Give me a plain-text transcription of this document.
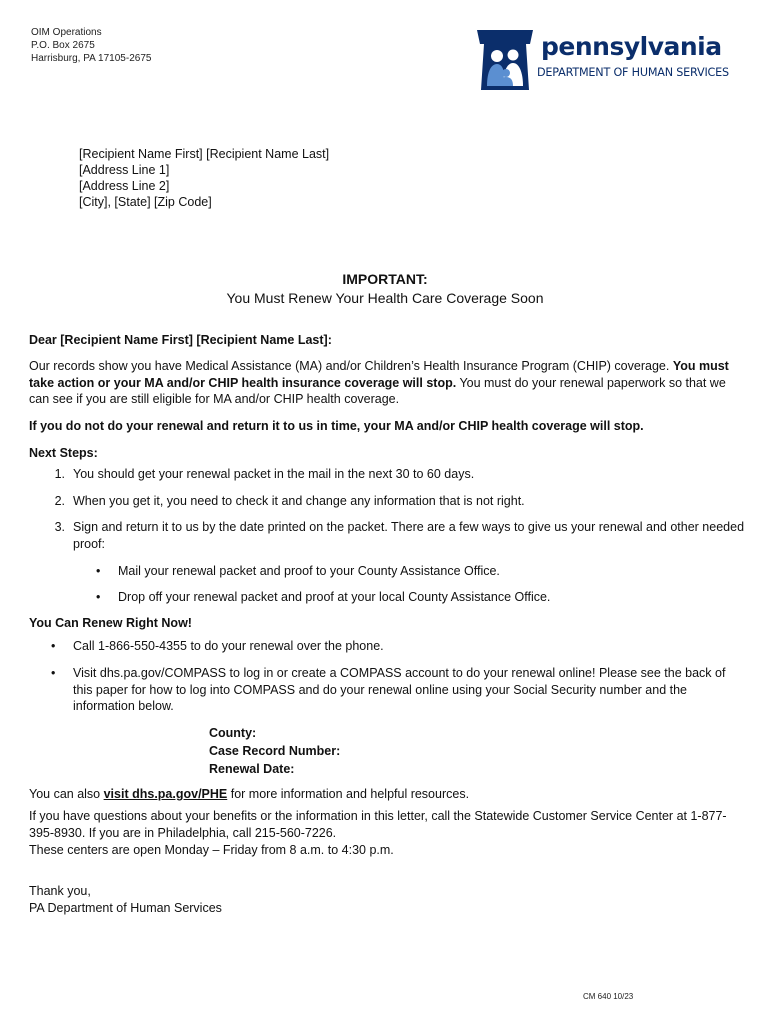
OIM Operations
P.O. Box 2675
Harrisburg, PA 17105-2675	pennsylvania
DEPARTMENT OF HUMAN SERVICES
[Recipient Name First] [Recipient Name Last]
[Address Line 1]
[Address Line 2]
[City], [State] [Zip Code]
IMPORTANT:
You Must Renew Your Health Care Coverage Soon
Dear [Recipient Name First] [Recipient Name Last]:
Our records show you have Medical Assistance (MA) and/or Children’s Health Insurance Program (CHIP) coverage. You must take action or your MA and/or CHIP health insurance coverage will stop. You must do your renewal paperwork so that we can see if you are still eligible for MA and/or CHIP health coverage.
If you do not do your renewal and return it to us in time, your MA and/or CHIP health coverage will stop.
Next Steps:
1. You should get your renewal packet in the mail in the next 30 to 60 days.
2. When you get it, you need to check it and change any information that is not right.
3. Sign and return it to us by the date printed on the packet. There are a few ways to give us your renewal and other needed proof:
• Mail your renewal packet and proof to your County Assistance Office.
• Drop off your renewal packet and proof at your local County Assistance Office.
You Can Renew Right Now!
• Call 1-866-550-4355 to do your renewal over the phone.
• Visit dhs.pa.gov/COMPASS to log in or create a COMPASS account to do your renewal online! Please see the back of this paper for how to log into COMPASS and do your renewal online using your Social Security number and the information below.
County:
Case Record Number:
Renewal Date:
You can also visit dhs.pa.gov/PHE for more information and helpful resources.
If you have questions about your benefits or the information in this letter, call the Statewide Customer Service Center at 1-877-395-8930. If you are in Philadelphia, call 215-560-7226.
These centers are open Monday – Friday from 8 a.m. to 4:30 p.m.
Thank you,
PA Department of Human Services
CM 640 10/23
